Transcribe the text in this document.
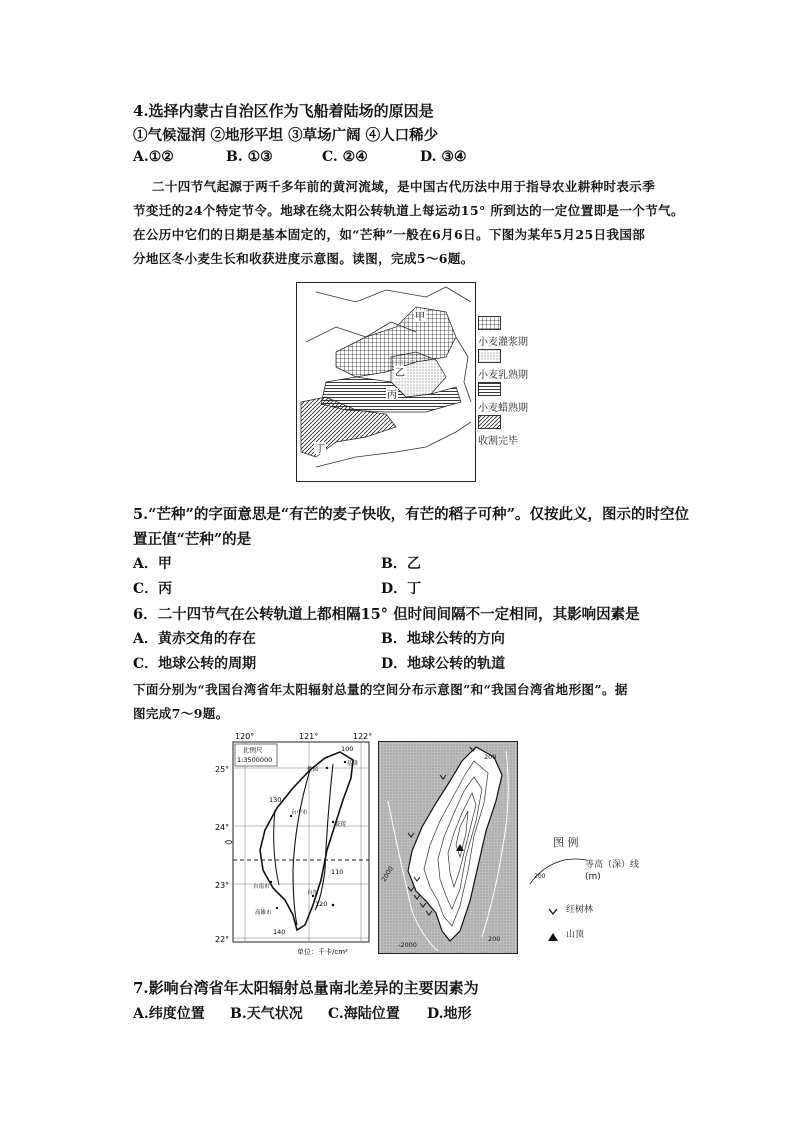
4.选择内蒙古自治区作为飞船着陆场的原因是
①气候湿润 ②地形平坦 ③草场广阔 ④人口稀少
A.①②	B. ①③	C. ②④	D. ③④
二十四节气起源于两千多年前的黄河流域，是中国古代历法中用于指导农业耕种时表示季
节变迁的24个特定节令。地球在绕太阳公转轨道上每运动15° 所到达的一定位置即是一个节气。
在公历中它们的日期是基本固定的，如“芒种”一般在6月6日。下图为某年5月25日我国部
分地区冬小麦生长和收获进度示意图。读图，完成5～6题。
甲
乙
丙
丁
小麦灌浆期
小麦乳熟期
小麦蜡熟期
收割完毕
5.“芒种”的字面意思是“有芒的麦子快收，有芒的稻子可种”。仅按此义，图示的时空位
置正值“芒种”的是
A．甲	B．乙
C．丙	D．丁
6．二十四节气在公转轨道上都相隔15° 但时间间隔不一定相同，其影响因素是
A．黄赤交角的存在	B．地球公转的方向
C．地球公转的周期	D．地球公转的轨道
下面分别为“我国台湾省年太阳辐射总量的空间分布示意图”和“我国台湾省地形图”。据
图完成7～9题。
120°	121°	122°
25°
24°
23°
22°
比例尺
1:3500000
100
130
140
110
120
桃园
基隆
台中市
花莲
台南市
高雄市
台东
单位：千卡/cm²
200
2000
200
-2000
图 例
200
等高（深）线 (m)
红树林
山顶
7.影响台湾省年太阳辐射总量南北差异的主要因素为
A.纬度位置 B.天气状况 C.海陆位置 D.地形
